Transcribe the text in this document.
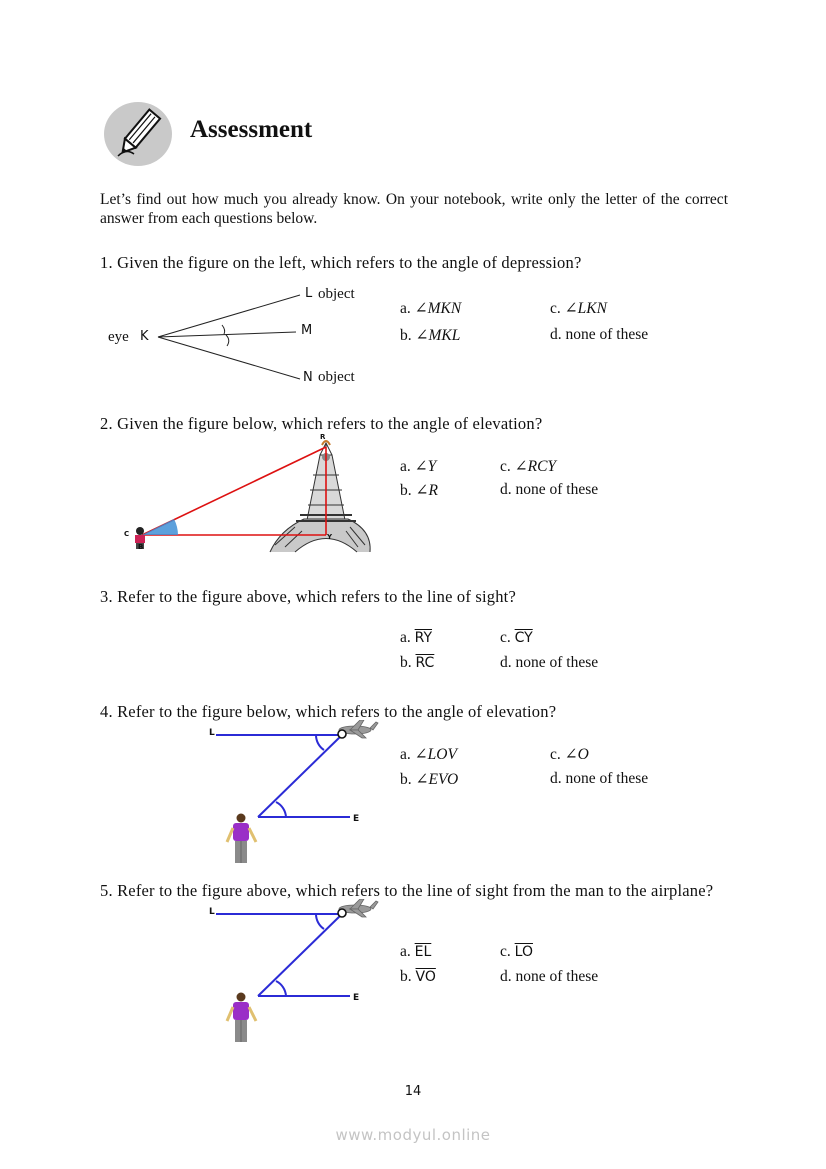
Assessment
Let’s find out how much you already know. On your notebook, write only the letter of the correct answer from each questions below.
1. Given the figure on the left, which refers to the angle of depression?
eye K
L object
M
N object
a. ∠MKN	c. ∠LKN
b. ∠MKL	d. none of these
2. Given the figure below, which refers to the angle of elevation?
R
C
B
Y
a. ∠Y	c. ∠RCY
b. ∠R	d. none of these
3. Refer to the figure above, which refers to the line of sight?
a. $\overline{RY}$	c. $\overline{CY}$
b. $\overline{RC}$	d. none of these
4. Refer to the figure below, which refers to the angle of elevation?
L
E
a. ∠LOV	c. ∠O
b. ∠EVO	d. none of these
5. Refer to the figure above, which refers to the line of sight from the man to the airplane?
L
E
a. $\overline{EL}$	c. $\overline{LO}$
b. $\overline{VO}$	d. none of these
14
www.modyul.online
